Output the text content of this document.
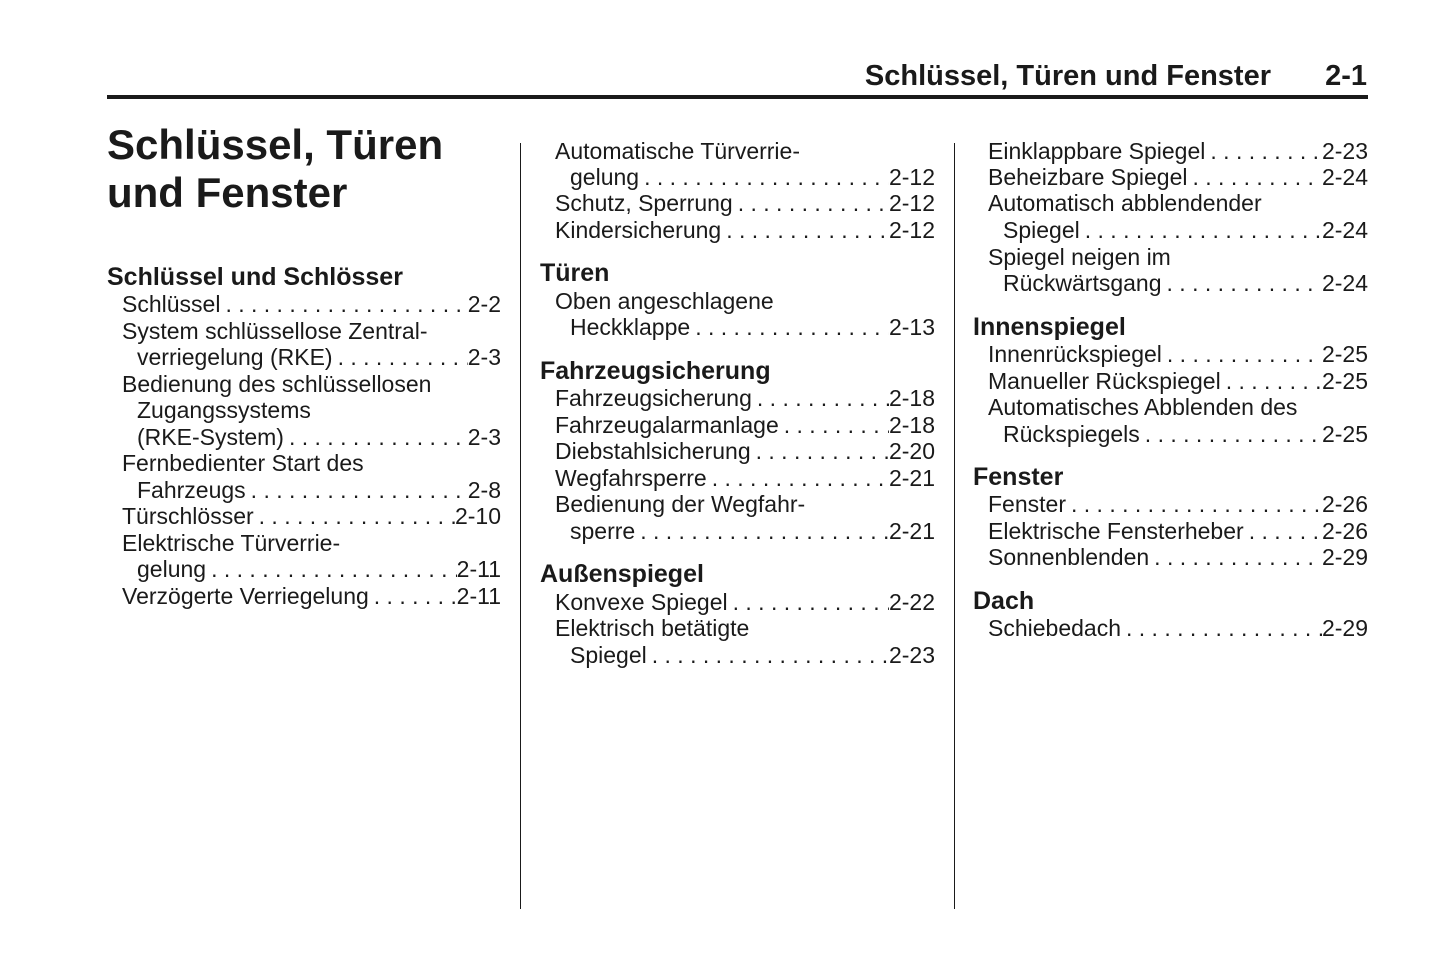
Schlüssel, Türen und Fenster 2-1
Schlüssel, Türen
und Fenster
Schlüssel und Schlösser
Schlüssel . . .	2-2
System schlüssellose Zentral-
verriegelung (RKE) . . .	2-3
Bedienung des schlüssellosen
Zugangssystems
(RKE-System) . . .	2-3
Fernbedienter Start des
Fahrzeugs . . .	2-8
Türschlösser . . .	2-10
Elektrische Türverrie-
gelung . . .	2-11
Verzögerte Verriegelung . . .	2-11
Automatische Türverrie-
gelung . . .	2-12
Schutz, Sperrung . . .	2-12
Kindersicherung . . .	2-12
Türen
Oben angeschlagene
Heckklappe . . .	2-13
Fahrzeugsicherung
Fahrzeugsicherung . . .	2-18
Fahrzeugalarmanlage . . .	2-18
Diebstahlsicherung . . .	2-20
Wegfahrsperre . . .	2-21
Bedienung der Wegfahr-
sperre . . .	2-21
Außenspiegel
Konvexe Spiegel . . .	2-22
Elektrisch betätigte
Spiegel . . .	2-23
Einklappbare Spiegel . . .	2-23
Beheizbare Spiegel . . .	2-24
Automatisch abblendender
Spiegel . . .	2-24
Spiegel neigen im
Rückwärtsgang . . .	2-24
Innenspiegel
Innenrückspiegel . . .	2-25
Manueller Rückspiegel . . .	2-25
Automatisches Abblenden des
Rückspiegels . . .	2-25
Fenster
Fenster . . .	2-26
Elektrische Fensterheber . . .	2-26
Sonnenblenden . . .	2-29
Dach
Schiebedach . . .	2-29
